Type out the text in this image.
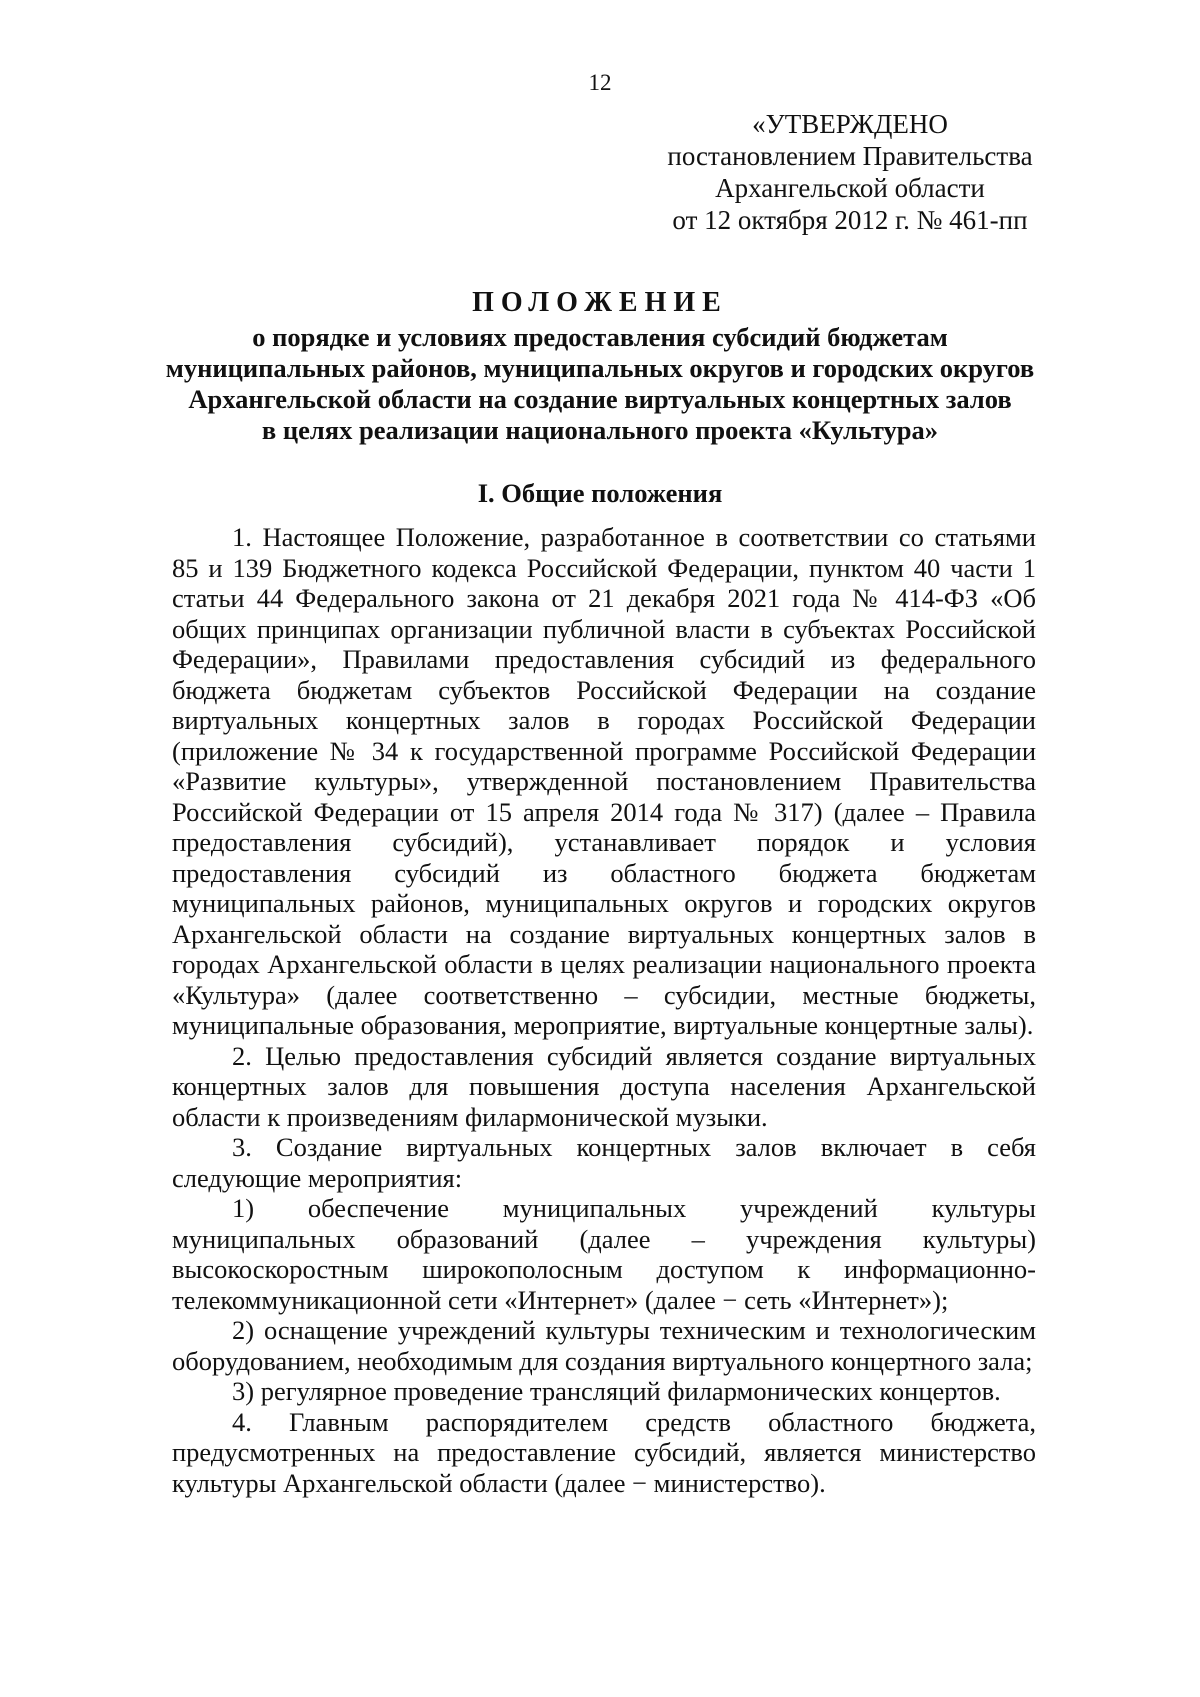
12
«УТВЕРЖДЕНО
постановлением Правительства
Архангельской области
от 12 октября 2012 г. № 461-пп
ПОЛОЖЕНИЕ
о порядке и условиях предоставления субсидий бюджетам
муниципальных районов, муниципальных округов и городских округов
Архангельской области на создание виртуальных концертных залов
в целях реализации национального проекта «Культура»
I. Общие положения

1. Настоящее Положение, разработанное в соответствии со статьями 85 и 139 Бюджетного кодекса Российской Федерации, пунктом 40 части 1 статьи 44 Федерального закона от 21 декабря 2021 года № 414-ФЗ «Об общих принципах организации публичной власти в субъектах Российской Федерации», Правилами предоставления субсидий из федерального бюджета бюджетам субъектов Российской Федерации на создание виртуальных концертных залов в городах Российской Федерации (приложение № 34 к государственной программе Российской Федерации «Развитие культуры», утвержденной постановлением Правительства Российской Федерации от 15 апреля 2014 года № 317) (далее – Правила предоставления субсидий), устанавливает порядок и условия предоставления субсидий из областного бюджета бюджетам муниципальных районов, муниципальных округов и городских округов Архангельской области на создание виртуальных концертных залов в городах Архангельской области в целях реализации национального проекта «Культура» (далее соответственно – субсидии, местные бюджеты, муниципальные образования, мероприятие, виртуальные концертные залы).

2. Целью предоставления субсидий является создание виртуальных концертных залов для повышения доступа населения Архангельской области к произведениям филармонической музыки.

3. Создание виртуальных концертных залов включает в себя следующие мероприятия:

1) обеспечение муниципальных учреждений культуры муниципальных образований (далее – учреждения культуры) высокоскоростным широкополосным доступом к информационно-телекоммуникационной сети «Интернет» (далее − сеть «Интернет»);

2) оснащение учреждений культуры техническим и технологическим оборудованием, необходимым для создания виртуального концертного зала;

3) регулярное проведение трансляций филармонических концертов.

4. Главным распорядителем средств областного бюджета, предусмотренных на предоставление субсидий, является министерство культуры Архангельской области (далее − министерство).
